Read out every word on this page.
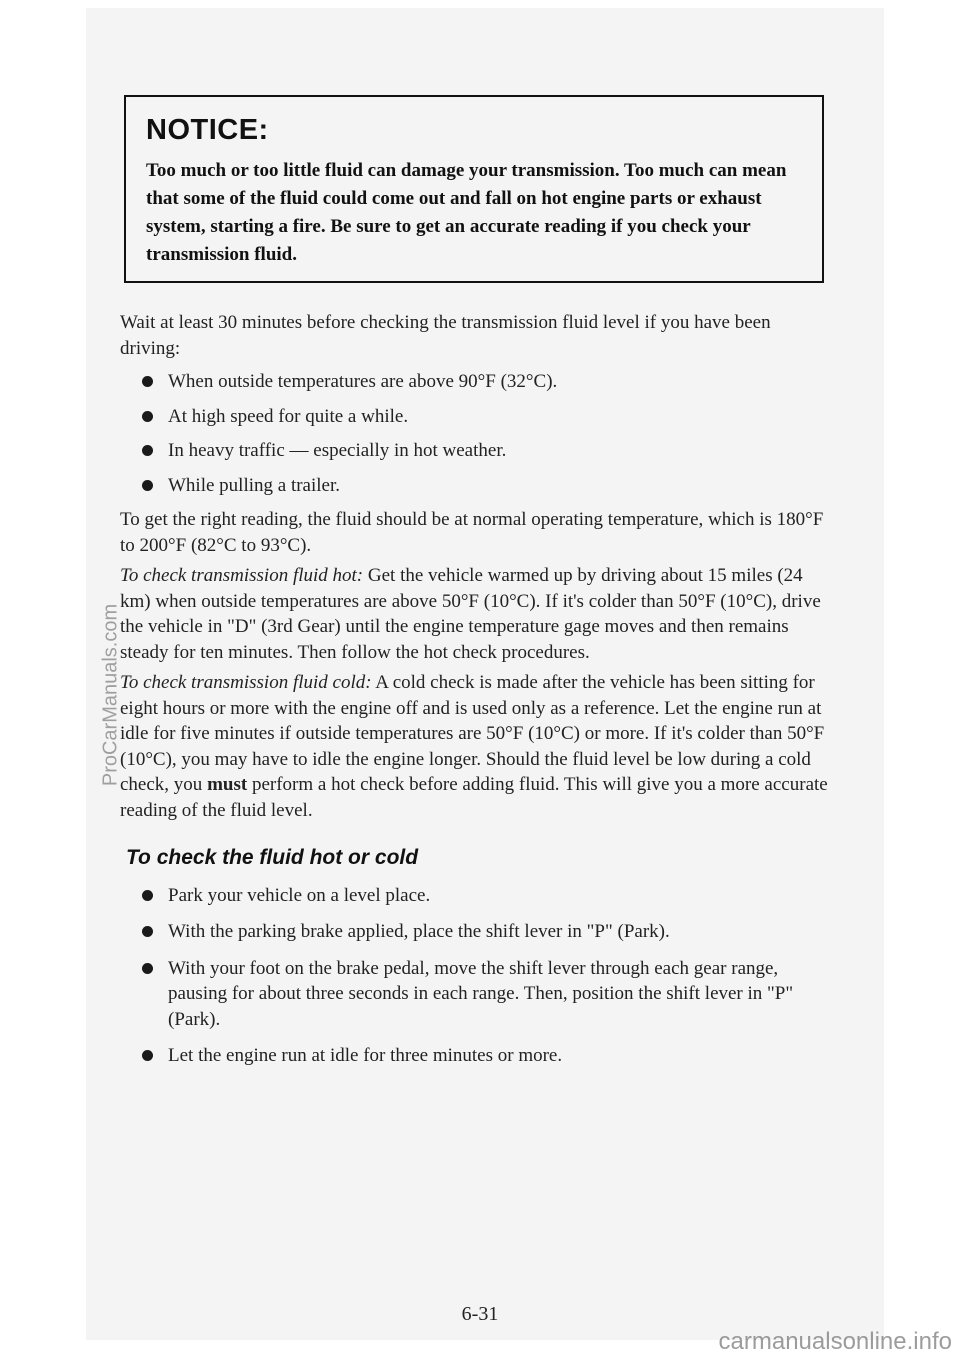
NOTICE:
Too much or too little fluid can damage your transmission. Too much can mean that some of the fluid could come out and fall on hot engine parts or exhaust system, starting a fire. Be sure to get an accurate reading if you check your transmission fluid.

Wait at least 30 minutes before checking the transmission fluid level if you have been driving:

When outside temperatures are above 90°F (32°C).
At high speed for quite a while.
In heavy traffic — especially in hot weather.
While pulling a trailer.

To get the right reading, the fluid should be at normal operating temperature, which is 180°F to 200°F (82°C to 93°C).

To check transmission fluid hot: Get the vehicle warmed up by driving about 15 miles (24 km) when outside temperatures are above 50°F (10°C). If it's colder than 50°F (10°C), drive the vehicle in "D" (3rd Gear) until the engine temperature gage moves and then remains steady for ten minutes. Then follow the hot check procedures.

To check transmission fluid cold: A cold check is made after the vehicle has been sitting for eight hours or more with the engine off and is used only as a reference. Let the engine run at idle for five minutes if outside temperatures are 50°F (10°C) or more. If it's colder than 50°F (10°C), you may have to idle the engine longer. Should the fluid level be low during a cold check, you must perform a hot check before adding fluid. This will give you a more accurate reading of the fluid level.

To check the fluid hot or cold
Park your vehicle on a level place.
With the parking brake applied, place the shift lever in "P" (Park).
With your foot on the brake pedal, move the shift lever through each gear range, pausing for about three seconds in each range. Then, position the shift lever in "P" (Park).
Let the engine run at idle for three minutes or more.
6-31
ProCarManuals.com
carmanualsonline.info
